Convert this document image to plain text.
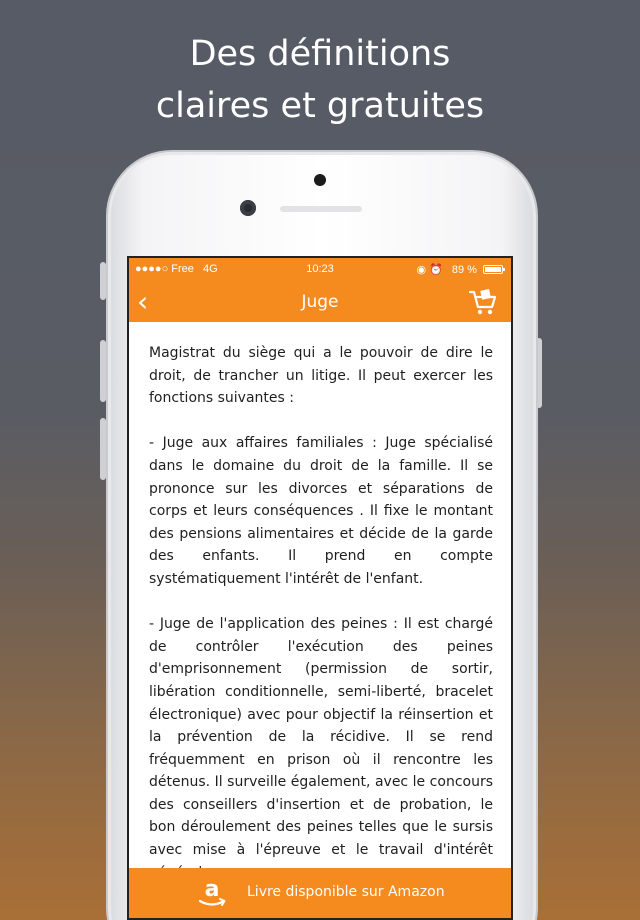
Des définitions
claires et gratuites
●●●●○ Free 4G	10:23	◉ ⏰ 89 %
‹	Juge

Magistrat du siège qui a le pouvoir de dire le droit, de trancher un litige. Il peut exercer les fonctions suivantes :

- Juge aux affaires familiales : Juge spécialisé dans le domaine du droit de la famille. Il se prononce sur les divorces et séparations de corps et leurs conséquences . Il fixe le montant des pensions alimentaires et décide de la garde des enfants. Il prend en compte systématiquement l'intérêt de l'enfant.

- Juge de l'application des peines : Il est chargé de contrôler l'exécution des peines d'emprisonnement (permission de sortir, libération conditionnelle, semi-liberté, bracelet électronique) avec pour objectif la réinsertion et la prévention de la récidive. Il se rend fréquemment en prison où il rencontre les détenus. Il surveille également, avec le concours des conseillers d'insertion et de probation, le bon déroulement des peines telles que le sursis avec mise à l'épreuve et le travail d'intérêt

a Livre disponible sur Amazon
